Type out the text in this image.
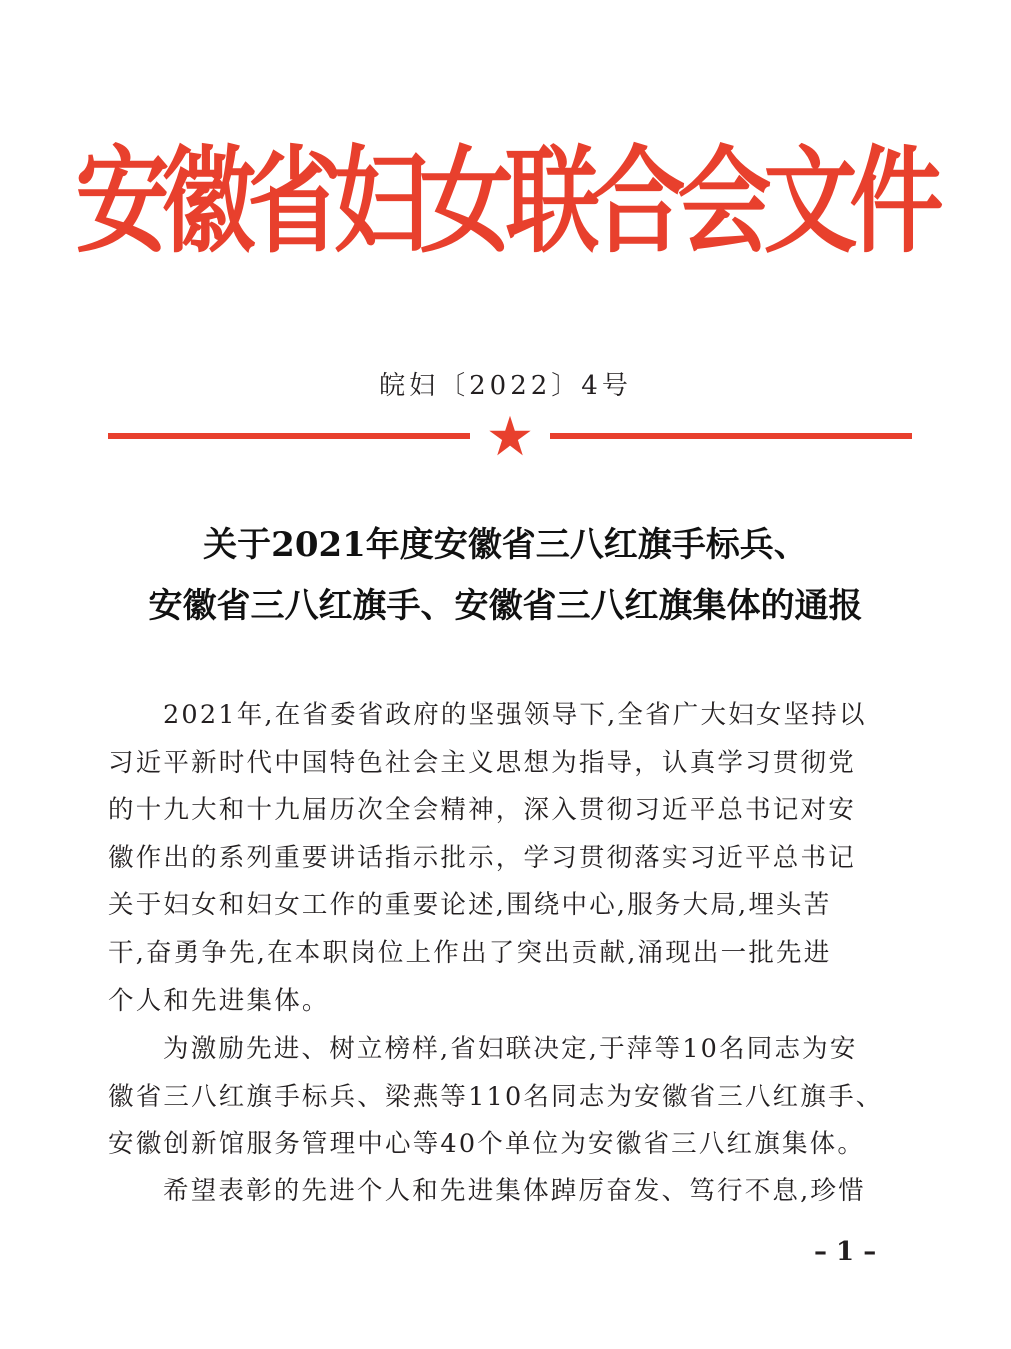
安徽省妇女联合会文件
皖妇〔2022〕4号
关于2021年度安徽省三八红旗手标兵、
安徽省三八红旗手、安徽省三八红旗集体的通报
2021年,在省委省政府的坚强领导下,全省广大妇女坚持以
习近平新时代中国特色社会主义思想为指导，认真学习贯彻党
的十九大和十九届历次全会精神，深入贯彻习近平总书记对安
徽作出的系列重要讲话指示批示，学习贯彻落实习近平总书记
关于妇女和妇女工作的重要论述,围绕中心,服务大局,埋头苦
干,奋勇争先,在本职岗位上作出了突出贡献,涌现出一批先进
个人和先进集体。
为激励先进、树立榜样,省妇联决定,于萍等10名同志为安
徽省三八红旗手标兵、梁燕等110名同志为安徽省三八红旗手、
安徽创新馆服务管理中心等40个单位为安徽省三八红旗集体。
希望表彰的先进个人和先进集体踔厉奋发、笃行不息,珍惜
– 1 –
